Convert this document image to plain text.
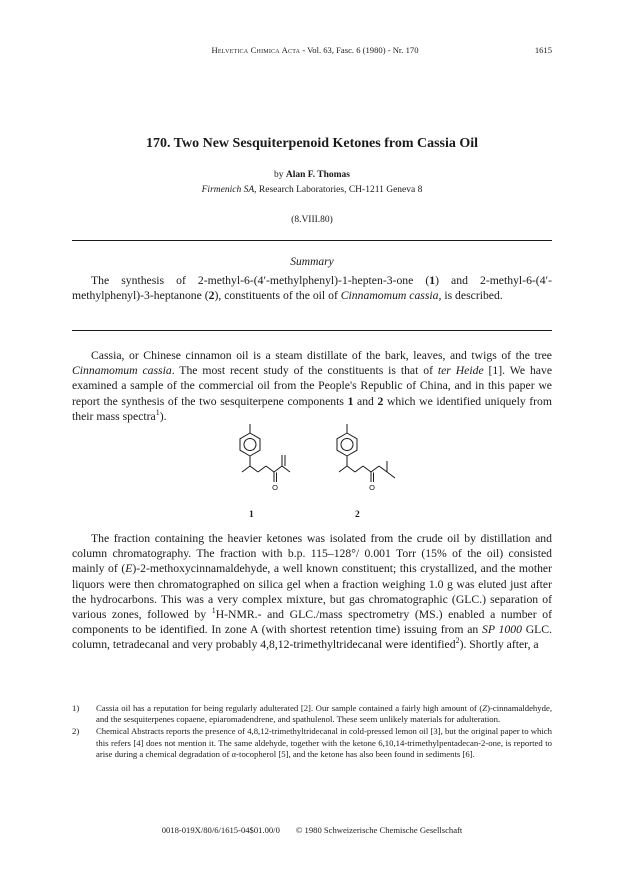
Helvetica Chimica Acta - Vol. 63, Fasc. 6 (1980) - Nr. 170	1615
170. Two New Sesquiterpenoid Ketones from Cassia Oil
by Alan F. Thomas
Firmenich SA, Research Laboratories, CH-1211 Geneva 8
(8.VIII.80)
Summary

The synthesis of 2-methyl-6-(4′-methylphenyl)-1-hepten-3-one (1) and 2-methyl-6-(4′-methylphenyl)-3-heptanone (2), constituents of the oil of Cinnamomum cassia, is described.

Cassia, or Chinese cinnamon oil is a steam distillate of the bark, leaves, and twigs of the tree Cinnamomum cassia. The most recent study of the constituents is that of ter Heide [1]. We have examined a sample of the commercial oil from the People's Republic of China, and in this paper we report the synthesis of the two sesquiterpene components 1 and 2 which we identified uniquely from their mass spectra$^1$).

O	O
1	2

The fraction containing the heavier ketones was isolated from the crude oil by distillation and column chromatography. The fraction with b.p. 115–128°/ 0.001 Torr (15% of the oil) consisted mainly of (E)-2-methoxycinnamaldehyde, a well known constituent; this crystallized, and the mother liquors were then chromatographed on silica gel when a fraction weighing 1.0 g was eluted just after the hydrocarbons. This was a very complex mixture, but gas chromatographic (GLC.) separation of various zones, followed by $^1$H-NMR.- and GLC./mass spectrometry (MS.) enabled a number of components to be identified. In zone A (with shortest retention time) issuing from an SP 1000 GLC. column, tetradecanal and very probably 4,8,12-trimethyltridecanal were identified$^2$). Shortly after, a

1) Cassia oil has a reputation for being regularly adulterated [2]. Our sample contained a fairly high amount of (Z)-cinnamaldehyde, and the sesquiterpenes copaene, epiaromadendrene, and spathulenol. These seem unlikely materials for adulteration.
2) Chemical Abstracts reports the presence of 4,8,12-trimethyltridecanal in cold-pressed lemon oil [3], but the original paper to which this refers [4] does not mention it. The same aldehyde, together with the ketone 6,10,14-trimethylpentadecan-2-one, is reported to arise during a chemical degradation of α-tocopherol [5], and the ketone has also been found in sediments [6].
0018-019X/80/6/1615-04$01.00/0 © 1980 Schweizerische Chemische Gesellschaft
